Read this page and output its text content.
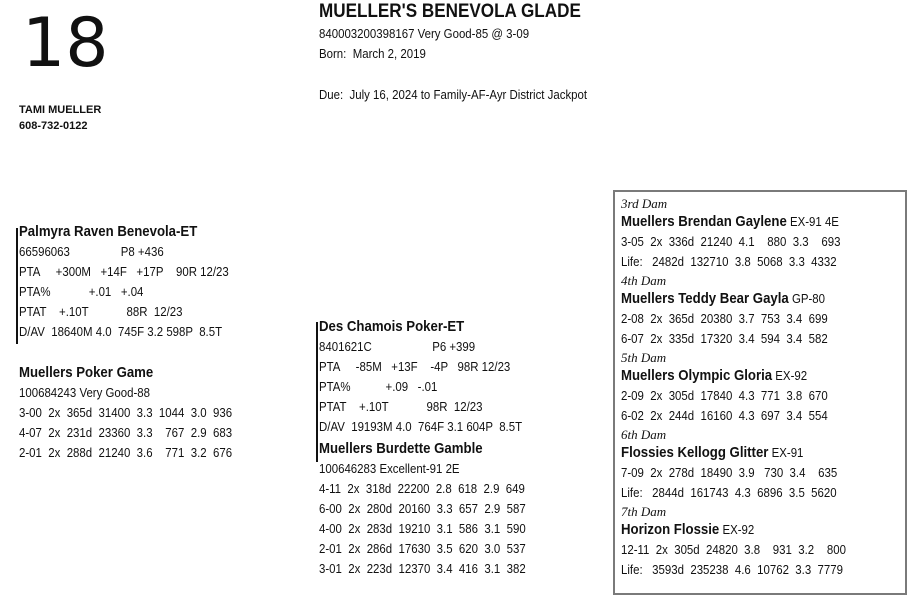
18
TAMI MUELLER
608-732-0122
MUELLER'S BENEVOLA GLADE
840003200398167 Very Good-85 @ 3-09
Born:  March 2, 2019
Due:  July 16, 2024 to Family-AF-Ayr District Jackpot
Palmyra Raven Benevola-ET
66596063                P8 +436
PTA     +300M   +14F   +17P    90R 12/23
PTA%            +.01   +.04
PTAT    +.10T            88R  12/23
D/AV  18640M 4.0  745F 3.2 598P  8.5T
Muellers Poker Game
100684243 Very Good-88
3-00  2x  365d  31400  3.3  1044  3.0  936
4-07  2x  231d  23360  3.3    767  2.9  683
2-01  2x  288d  21240  3.6    771  3.2  676
Des Chamois Poker-ET
8401621C                   P6 +399
PTA     -85M   +13F    -4P   98R 12/23
PTA%           +.09   -.01
PTAT    +.10T            98R  12/23
D/AV  19193M 4.0  764F 3.1 604P  8.5T
Muellers Burdette Gamble
100646283 Excellent-91 2E
4-11  2x  318d  22200  2.8  618  2.9  649
6-00  2x  280d  20160  3.3  657  2.9  587
4-00  2x  283d  19210  3.1  586  3.1  590
2-01  2x  286d  17630  3.5  620  3.0  537
3-01  2x  223d  12370  3.4  416  3.1  382
3rd Dam
Muellers Brendan Gaylene EX-91 4E
3-05  2x  336d  21240  4.1    880  3.3    693
Life:   2482d  132710  3.8  5068  3.3  4332
4th Dam
Muellers Teddy Bear Gayla GP-80
2-08  2x  365d  20380  3.7  753  3.4  699
6-07  2x  335d  17320  3.4  594  3.4  582
5th Dam
Muellers Olympic Gloria EX-92
2-09  2x  305d  17840  4.3  771  3.8  670
6-02  2x  244d  16160  4.3  697  3.4  554
6th Dam
Flossies Kellogg Glitter EX-91
7-09  2x  278d  18490  3.9   730  3.4    635
Life:   2844d  161743  4.3  6896  3.5  5620
7th Dam
Horizon Flossie EX-92
12-11  2x  305d  24820  3.8    931  3.2    800
Life:   3593d  235238  4.6  10762  3.3  7779
